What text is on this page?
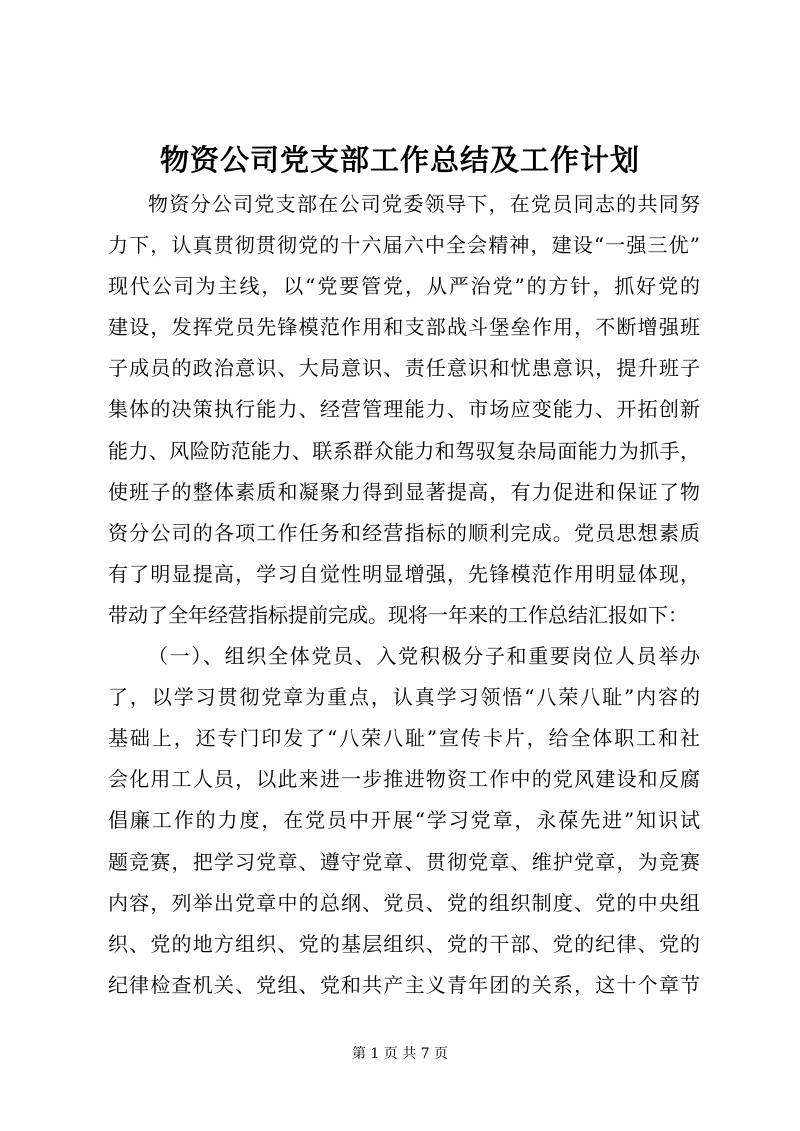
物资公司党支部工作总结及工作计划
物资分公司党支部在公司党委领导下，在党员同志的共同努
力下，认真贯彻贯彻党的十六届六中全会精神，建设“一强三优”
现代公司为主线，以“党要管党，从严治党”的方针，抓好党的
建设，发挥党员先锋模范作用和支部战斗堡垒作用，不断增强班
子成员的政治意识、大局意识、责任意识和忧患意识，提升班子
集体的决策执行能力、经营管理能力、市场应变能力、开拓创新
能力、风险防范能力、联系群众能力和驾驭复杂局面能力为抓手，
使班子的整体素质和凝聚力得到显著提高，有力促进和保证了物
资分公司的各项工作任务和经营指标的顺利完成。党员思想素质
有了明显提高，学习自觉性明显增强，先锋模范作用明显体现，
带动了全年经营指标提前完成。现将一年来的工作总结汇报如下：
（一）、组织全体党员、入党积极分子和重要岗位人员举办
了，以学习贯彻党章为重点，认真学习领悟“八荣八耻”内容的
基础上，还专门印发了“八荣八耻”宣传卡片，给全体职工和社
会化用工人员，以此来进一步推进物资工作中的党风建设和反腐
倡廉工作的力度，在党员中开展“学习党章，永葆先进”知识试
题竞赛，把学习党章、遵守党章、贯彻党章、维护党章，为竞赛
内容，列举出党章中的总纲、党员、党的组织制度、党的中央组
织、党的地方组织、党的基层组织、党的干部、党的纪律、党的
纪律检查机关、党组、党和共产主义青年团的关系，这十个章节
第 1 页 共 7 页
